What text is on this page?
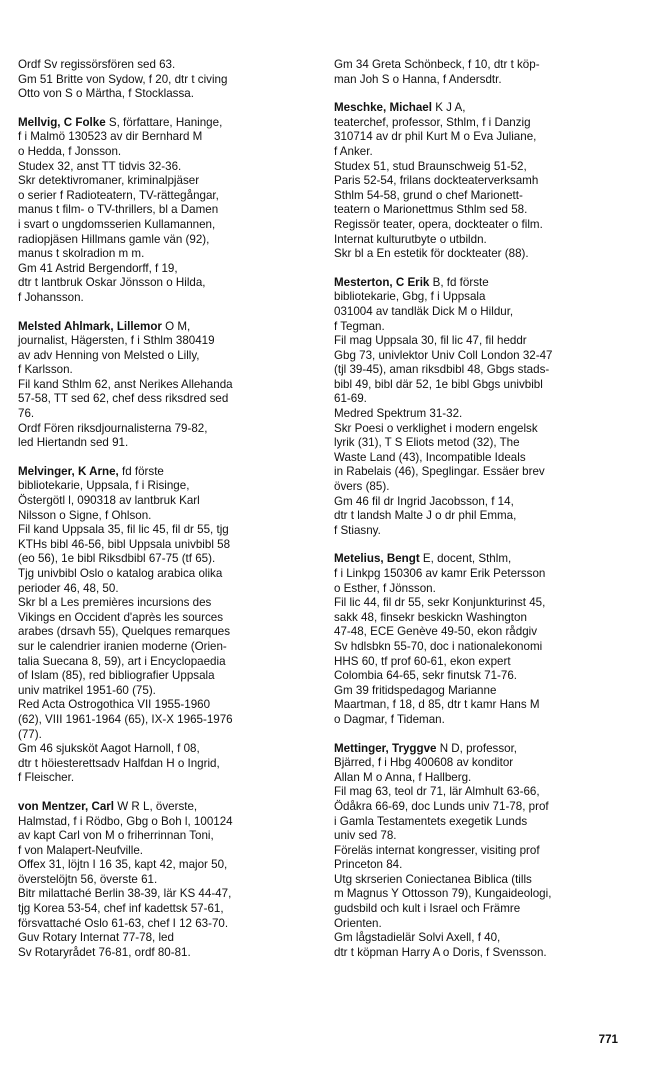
Ordf Sv regissörsfören sed 63.
Gm 51 Britte von Sydow, f 20, dtr t civing
Otto von S o Märtha, f Stocklassa.
Mellvig, C Folke S, författare, Haninge,
f i Malmö 130523 av dir Bernhard M
o Hedda, f Jonsson.
Studex 32, anst TT tidvis 32-36.
Skr detektivromaner, kriminalpjäser
o serier f Radioteatern, TV-rättegångar,
manus t film- o TV-thrillers, bl a Damen
i svart o ungdomsserien Kullamannen,
radiopjäsen Hillmans gamle vän (92),
manus t skolradion m m.
Gm 41 Astrid Bergendorff, f 19,
dtr t lantbruk Oskar Jönsson o Hilda,
f Johansson.
Melsted Ahlmark, Lillemor O M,
journalist, Hägersten, f i Sthlm 380419
av adv Henning von Melsted o Lilly,
f Karlsson.
Fil kand Sthlm 62, anst Nerikes Allehanda
57-58, TT sed 62, chef dess riksdred sed
76.
Ordf Fören riksdjournalisterna 79-82,
led Hiertandn sed 91.
Melvinger, K Arne, fd förste
bibliotekarie, Uppsala, f i Risinge,
Östergötl l, 090318 av lantbruk Karl
Nilsson o Signe, f Ohlson.
Fil kand Uppsala 35, fil lic 45, fil dr 55, tjg
KTHs bibl 46-56, bibl Uppsala univbibl 58
(eo 56), 1e bibl Riksdbibl 67-75 (tf 65).
Tjg univbibl Oslo o katalog arabica olika
perioder 46, 48, 50.
Skr bl a Les premières incursions des
Vikings en Occident d'après les sources
arabes (drsavh 55), Quelques remarques
sur le calendrier iranien moderne (Orien-
talia Suecana 8, 59), art i Encyclopaedia
of Islam (85), red bibliografier Uppsala
univ matrikel 1951-60 (75).
Red Acta Ostrogothica VII 1955-1960
(62), VIII 1961-1964 (65), IX-X 1965-1976
(77).
Gm 46 sjuksköt Aagot Harnoll, f 08,
dtr t höiesterettsadv Halfdan H o Ingrid,
f Fleischer.
von Mentzer, Carl W R L, överste,
Halmstad, f i Rödbo, Gbg o Boh l, 100124
av kapt Carl von M o friherrinnan Toni,
f von Malapert-Neufville.
Offex 31, löjtn I 16 35, kapt 42, major 50,
överstelöjtn 56, överste 61.
Bitr milattaché Berlin 38-39, lär KS 44-47,
tjg Korea 53-54, chef inf kadettsk 57-61,
försvattaché Oslo 61-63, chef I 12 63-70.
Guv Rotary Internat 77-78, led
Sv Rotaryrådet 76-81, ordf 80-81.
Gm 34 Greta Schönbeck, f 10, dtr t köp-
man Joh S o Hanna, f Andersdtr.
Meschke, Michael K J A,
teaterchef, professor, Sthlm, f i Danzig
310714 av dr phil Kurt M o Eva Juliane,
f Anker.
Studex 51, stud Braunschweig 51-52,
Paris 52-54, frilans dockteaterverksamh
Sthlm 54-58, grund o chef Marionett-
teatern o Marionettmus Sthlm sed 58.
Regissör teater, opera, dockteater o film.
Internat kulturutbyte o utbildn.
Skr bl a En estetik för dockteater (88).
Mesterton, C Erik B, fd förste
bibliotekarie, Gbg, f i Uppsala
031004 av tandläk Dick M o Hildur,
f Tegman.
Fil mag Uppsala 30, fil lic 47, fil heddr
Gbg 73, univlektor Univ Coll London 32-47
(tjl 39-45), aman riksdbibl 48, Gbgs stads-
bibl 49, bibl där 52, 1e bibl Gbgs univbibl
61-69.
Medred Spektrum 31-32.
Skr Poesi o verklighet i modern engelsk
lyrik (31), T S Eliots metod (32), The
Waste Land (43), Incompatible Ideals
in Rabelais (46), Speglingar. Essäer brev
övers (85).
Gm 46 fil dr Ingrid Jacobsson, f 14,
dtr t landsh Malte J o dr phil Emma,
f Stiasny.
Metelius, Bengt E, docent, Sthlm,
f i Linkpg 150306 av kamr Erik Petersson
o Esther, f Jönsson.
Fil lic 44, fil dr 55, sekr Konjunkturinst 45,
sakk 48, finsekr beskickn Washington
47-48, ECE Genève 49-50, ekon rådgiv
Sv hdlsbkn 55-70, doc i nationalekonomi
HHS 60, tf prof 60-61, ekon expert
Colombia 64-65, sekr finutsk 71-76.
Gm 39 fritidspedagog Marianne
Maartman, f 18, d 85, dtr t kamr Hans M
o Dagmar, f Tideman.
Mettinger, Tryggve N D, professor,
Bjärred, f i Hbg 400608 av konditor
Allan M o Anna, f Hallberg.
Fil mag 63, teol dr 71, lär Almhult 63-66,
Ödåkra 66-69, doc Lunds univ 71-78, prof
i Gamla Testamentets exegetik Lunds
univ sed 78.
Föreläs internat kongresser, visiting prof
Princeton 84.
Utg skrserien Coniectanea Biblica (tills
m Magnus Y Ottosson 79), Kungaideologi,
gudsbild och kult i Israel och Främre
Orienten.
Gm lågstadielär Solvi Axell, f 40,
dtr t köpman Harry A o Doris, f Svensson.
771
